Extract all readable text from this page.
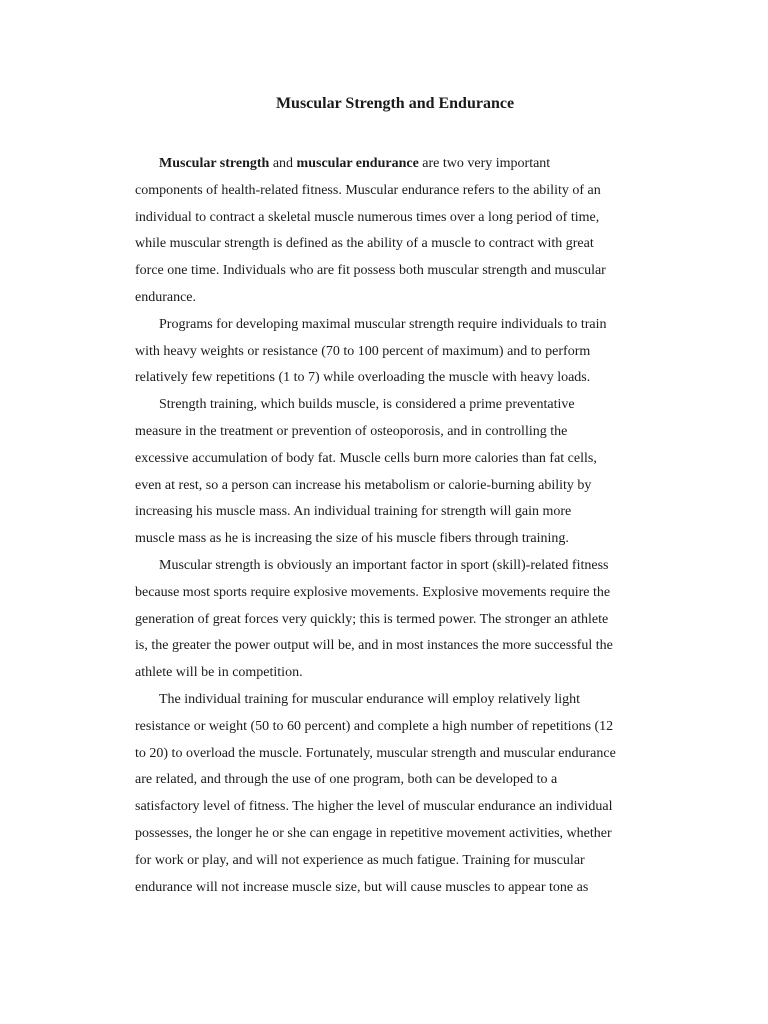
Muscular Strength and Endurance
Muscular strength and muscular endurance are two very important
components of health-related fitness. Muscular endurance refers to the ability of an
individual to contract a skeletal muscle numerous times over a long period of time,
while muscular strength is defined as the ability of a muscle to contract with great
force one time. Individuals who are fit possess both muscular strength and muscular
endurance.
Programs for developing maximal muscular strength require individuals to train
with heavy weights or resistance (70 to 100 percent of maximum) and to perform
relatively few repetitions (1 to 7) while overloading the muscle with heavy loads.
Strength training, which builds muscle, is considered a prime preventative
measure in the treatment or prevention of osteoporosis, and in controlling the
excessive accumulation of body fat. Muscle cells burn more calories than fat cells,
even at rest, so a person can increase his metabolism or calorie-burning ability by
increasing his muscle mass. An individual training for strength will gain more
muscle mass as he is increasing the size of his muscle fibers through training.
Muscular strength is obviously an important factor in sport (skill)-related fitness
because most sports require explosive movements. Explosive movements require the
generation of great forces very quickly; this is termed power. The stronger an athlete
is, the greater the power output will be, and in most instances the more successful the
athlete will be in competition.
The individual training for muscular endurance will employ relatively light
resistance or weight (50 to 60 percent) and complete a high number of repetitions (12
to 20) to overload the muscle. Fortunately, muscular strength and muscular endurance
are related, and through the use of one program, both can be developed to a
satisfactory level of fitness. The higher the level of muscular endurance an individual
possesses, the longer he or she can engage in repetitive movement activities, whether
for work or play, and will not experience as much fatigue. Training for muscular
endurance will not increase muscle size, but will cause muscles to appear tone as
